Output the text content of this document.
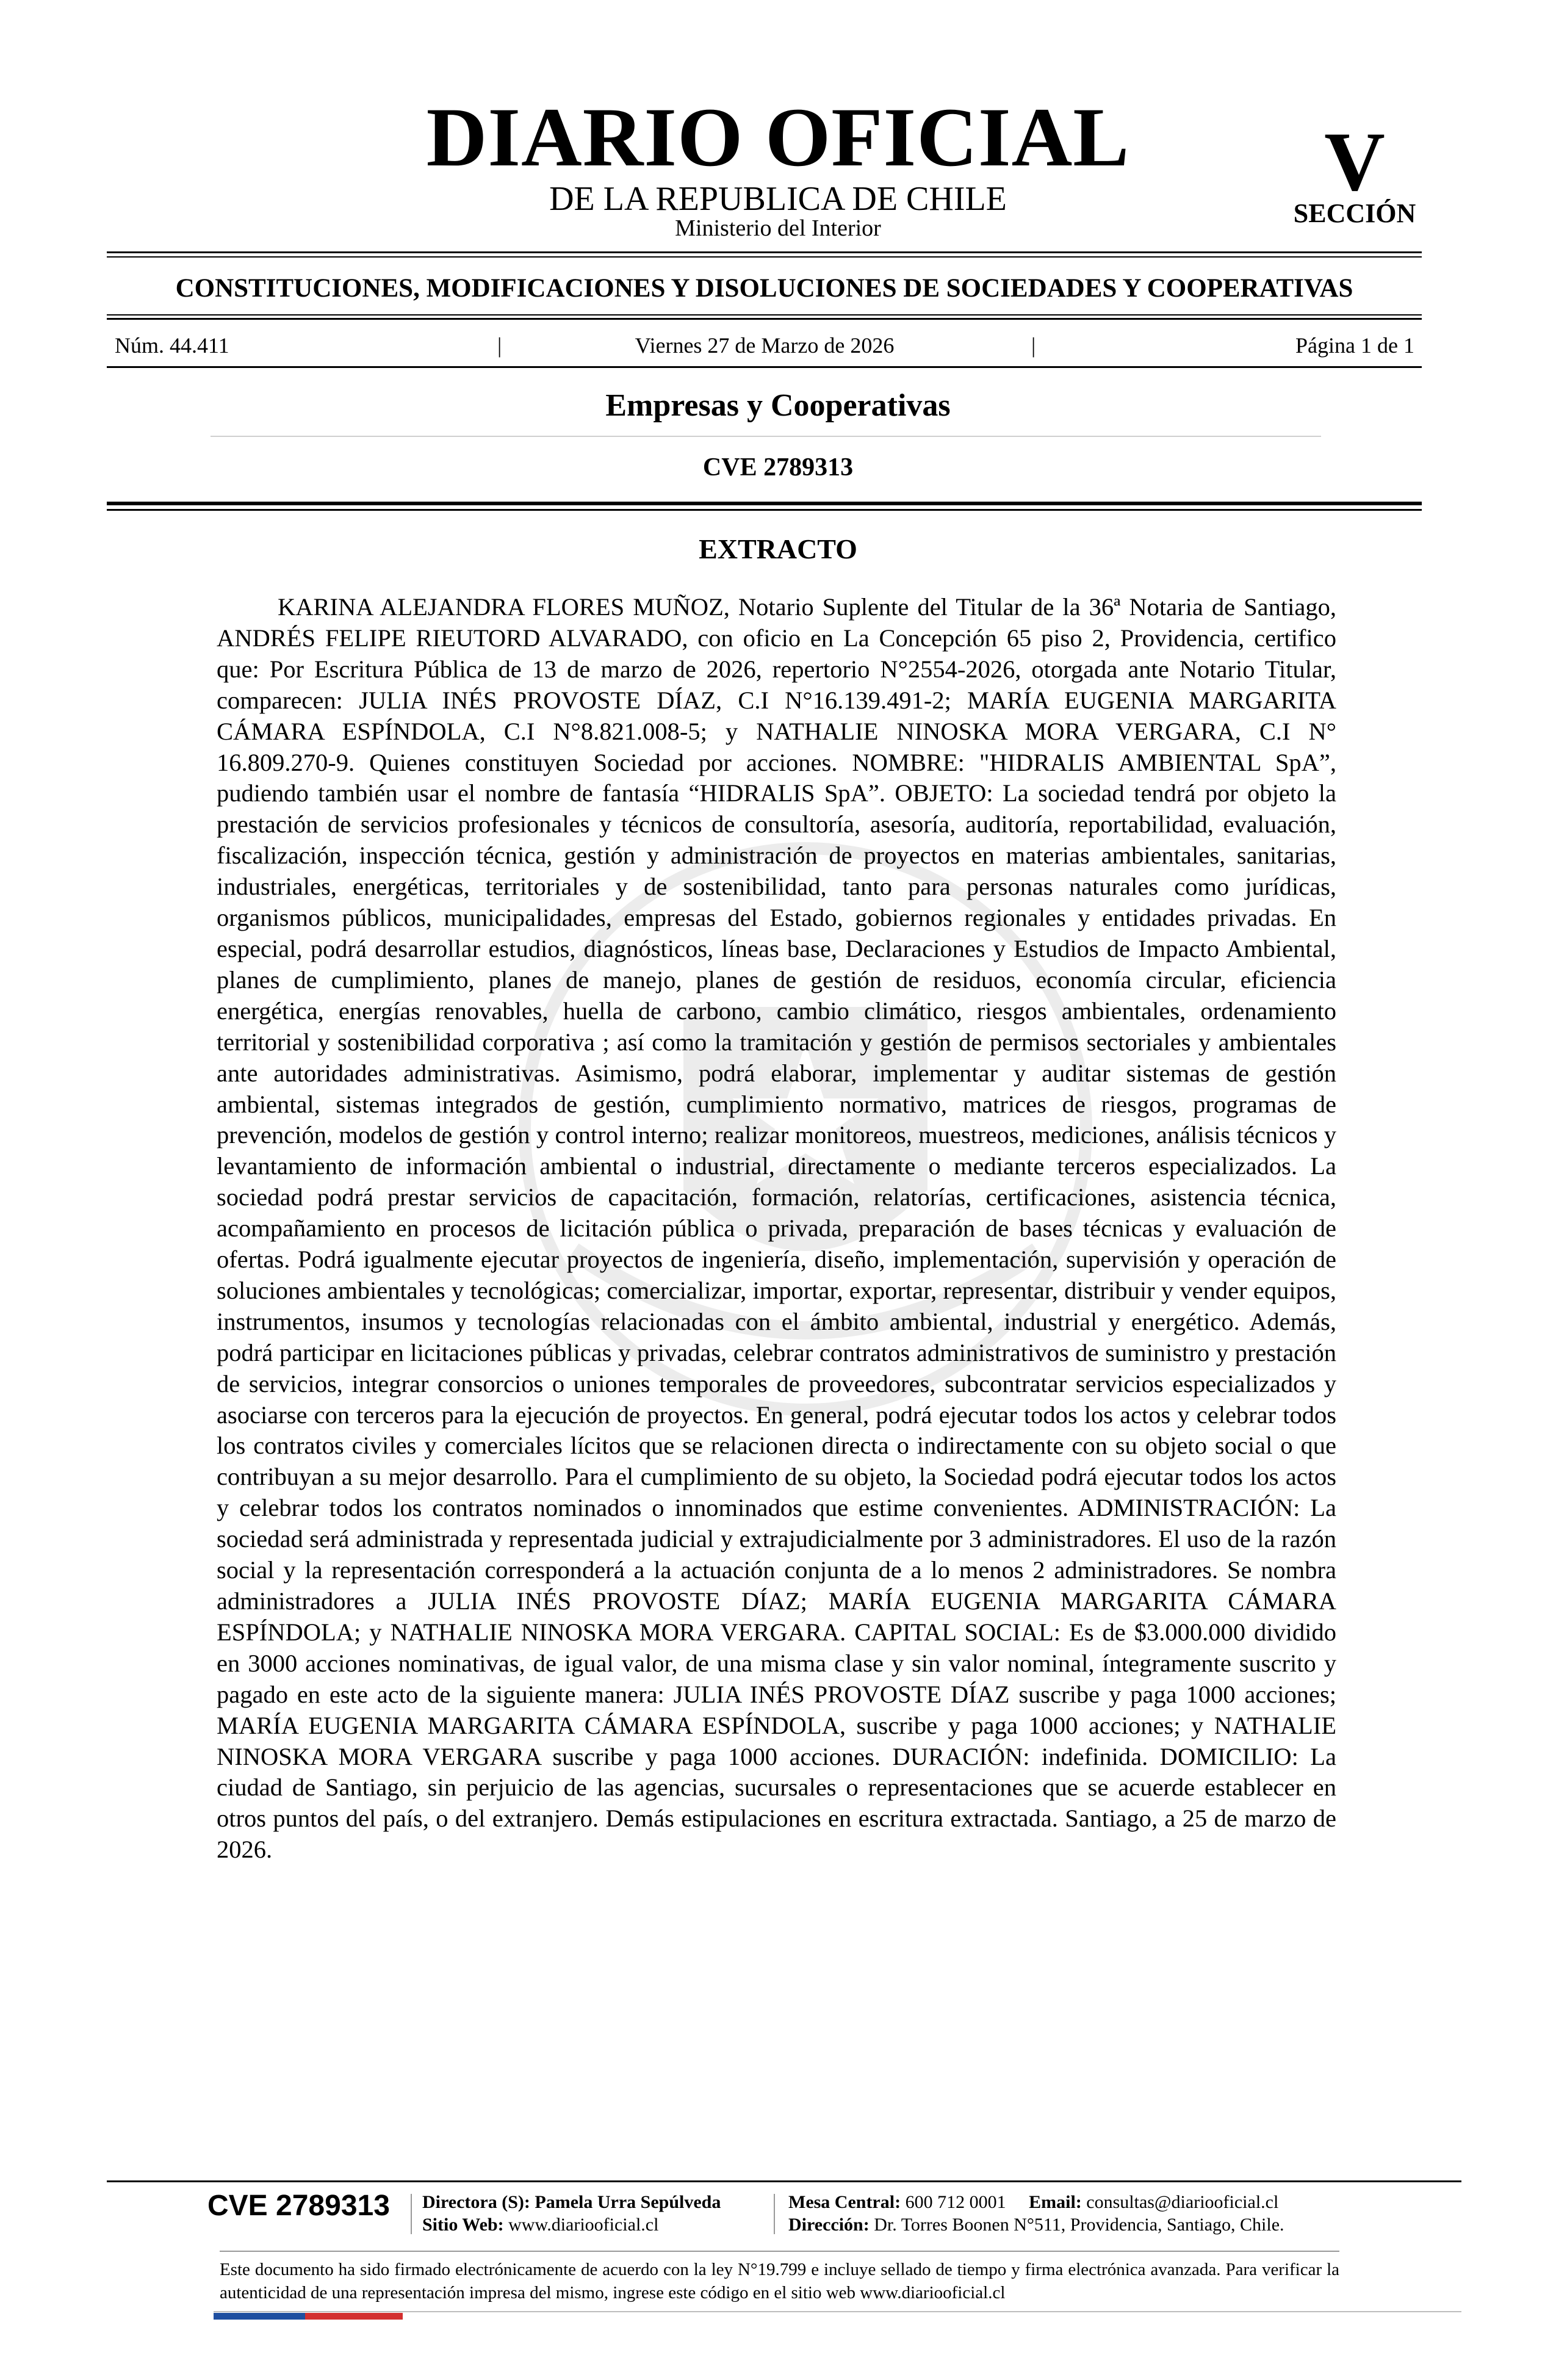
DIARIO OFICIAL
DE LA REPUBLICA DE CHILE
Ministerio del Interior
V
SECCIÓN
CONSTITUCIONES, MODIFICACIONES Y DISOLUCIONES DE SOCIEDADES Y COOPERATIVAS
Núm. 44.411	|	Viernes 27 de Marzo de 2026	|	Página 1 de 1
Empresas y Cooperativas
CVE 2789313
EXTRACTO
KARINA ALEJANDRA FLORES MUÑOZ, Notario Suplente del Titular de la 36ª Notaria de Santiago, ANDRÉS FELIPE RIEUTORD ALVARADO, con oficio en La Concepción 65 piso 2, Providencia, certifico que: Por Escritura Pública de 13 de marzo de 2026, repertorio N°2554-2026, otorgada ante Notario Titular, comparecen: JULIA INÉS PROVOSTE DÍAZ, C.I N°16.139.491-2; MARÍA EUGENIA MARGARITA CÁMARA ESPÍNDOLA, C.I N°8.821.008-5; y NATHALIE NINOSKA MORA VERGARA, C.I N° 16.809.270-9. Quienes constituyen Sociedad por acciones. NOMBRE: "HIDRALIS AMBIENTAL SpA”, pudiendo también usar el nombre de fantasía “HIDRALIS SpA”. OBJETO: La sociedad tendrá por objeto la prestación de servicios profesionales y técnicos de consultoría, asesoría, auditoría, reportabilidad, evaluación, fiscalización, inspección técnica, gestión y administración de proyectos en materias ambientales, sanitarias, industriales, energéticas, territoriales y de sostenibilidad, tanto para personas naturales como jurídicas, organismos públicos, municipalidades, empresas del Estado, gobiernos regionales y entidades privadas. En especial, podrá desarrollar estudios, diagnósticos, líneas base, Declaraciones y Estudios de Impacto Ambiental, planes de cumplimiento, planes de manejo, planes de gestión de residuos, economía circular, eficiencia energética, energías renovables, huella de carbono, cambio climático, riesgos ambientales, ordenamiento territorial y sostenibilidad corporativa ; así como la tramitación y gestión de permisos sectoriales y ambientales ante autoridades administrativas. Asimismo, podrá elaborar, implementar y auditar sistemas de gestión ambiental, sistemas integrados de gestión, cumplimiento normativo, matrices de riesgos, programas de prevención, modelos de gestión y control interno; realizar monitoreos, muestreos, mediciones, análisis técnicos y levantamiento de información ambiental o industrial, directamente o mediante terceros especializados. La sociedad podrá prestar servicios de capacitación, formación, relatorías, certificaciones, asistencia técnica, acompañamiento en procesos de licitación pública o privada, preparación de bases técnicas y evaluación de ofertas. Podrá igualmente ejecutar proyectos de ingeniería, diseño, implementación, supervisión y operación de soluciones ambientales y tecnológicas; comercializar, importar, exportar, representar, distribuir y vender equipos, instrumentos, insumos y tecnologías relacionadas con el ámbito ambiental, industrial y energético. Además, podrá participar en licitaciones públicas y privadas, celebrar contratos administrativos de suministro y prestación de servicios, integrar consorcios o uniones temporales de proveedores, subcontratar servicios especializados y asociarse con terceros para la ejecución de proyectos. En general, podrá ejecutar todos los actos y celebrar todos los contratos civiles y comerciales lícitos que se relacionen directa o indirectamente con su objeto social o que contribuyan a su mejor desarrollo. Para el cumplimiento de su objeto, la Sociedad podrá ejecutar todos los actos y celebrar todos los contratos nominados o innominados que estime convenientes. ADMINISTRACIÓN: La sociedad será administrada y representada judicial y extrajudicialmente por 3 administradores. El uso de la razón social y la representación corresponderá a la actuación conjunta de a lo menos 2 administradores. Se nombra administradores a JULIA INÉS PROVOSTE DÍAZ; MARÍA EUGENIA MARGARITA CÁMARA ESPÍNDOLA; y NATHALIE NINOSKA MORA VERGARA. CAPITAL SOCIAL: Es de $3.000.000 dividido en 3000 acciones nominativas, de igual valor, de una misma clase y sin valor nominal, íntegramente suscrito y pagado en este acto de la siguiente manera: JULIA INÉS PROVOSTE DÍAZ suscribe y paga 1000 acciones; MARÍA EUGENIA MARGARITA CÁMARA ESPÍNDOLA, suscribe y paga 1000 acciones; y NATHALIE NINOSKA MORA VERGARA suscribe y paga 1000 acciones. DURACIÓN: indefinida. DOMICILIO: La ciudad de Santiago, sin perjuicio de las agencias, sucursales o representaciones que se acuerde establecer en otros puntos del país, o del extranjero. Demás estipulaciones en escritura extractada. Santiago, a 25 de marzo de 2026.
CVE 2789313 Directora (S): Pamela Urra Sepúlveda
Sitio Web: www.diariooficial.cl
Mesa Central: 600 712 0001 Email: consultas@diariooficial.cl
Dirección: Dr. Torres Boonen N°511, Providencia, Santiago, Chile.
Este documento ha sido firmado electrónicamente de acuerdo con la ley N°19.799 e incluye sellado de tiempo y firma electrónica avanzada. Para verificar la autenticidad de una representación impresa del mismo, ingrese este código en el sitio web www.diariooficial.cl
